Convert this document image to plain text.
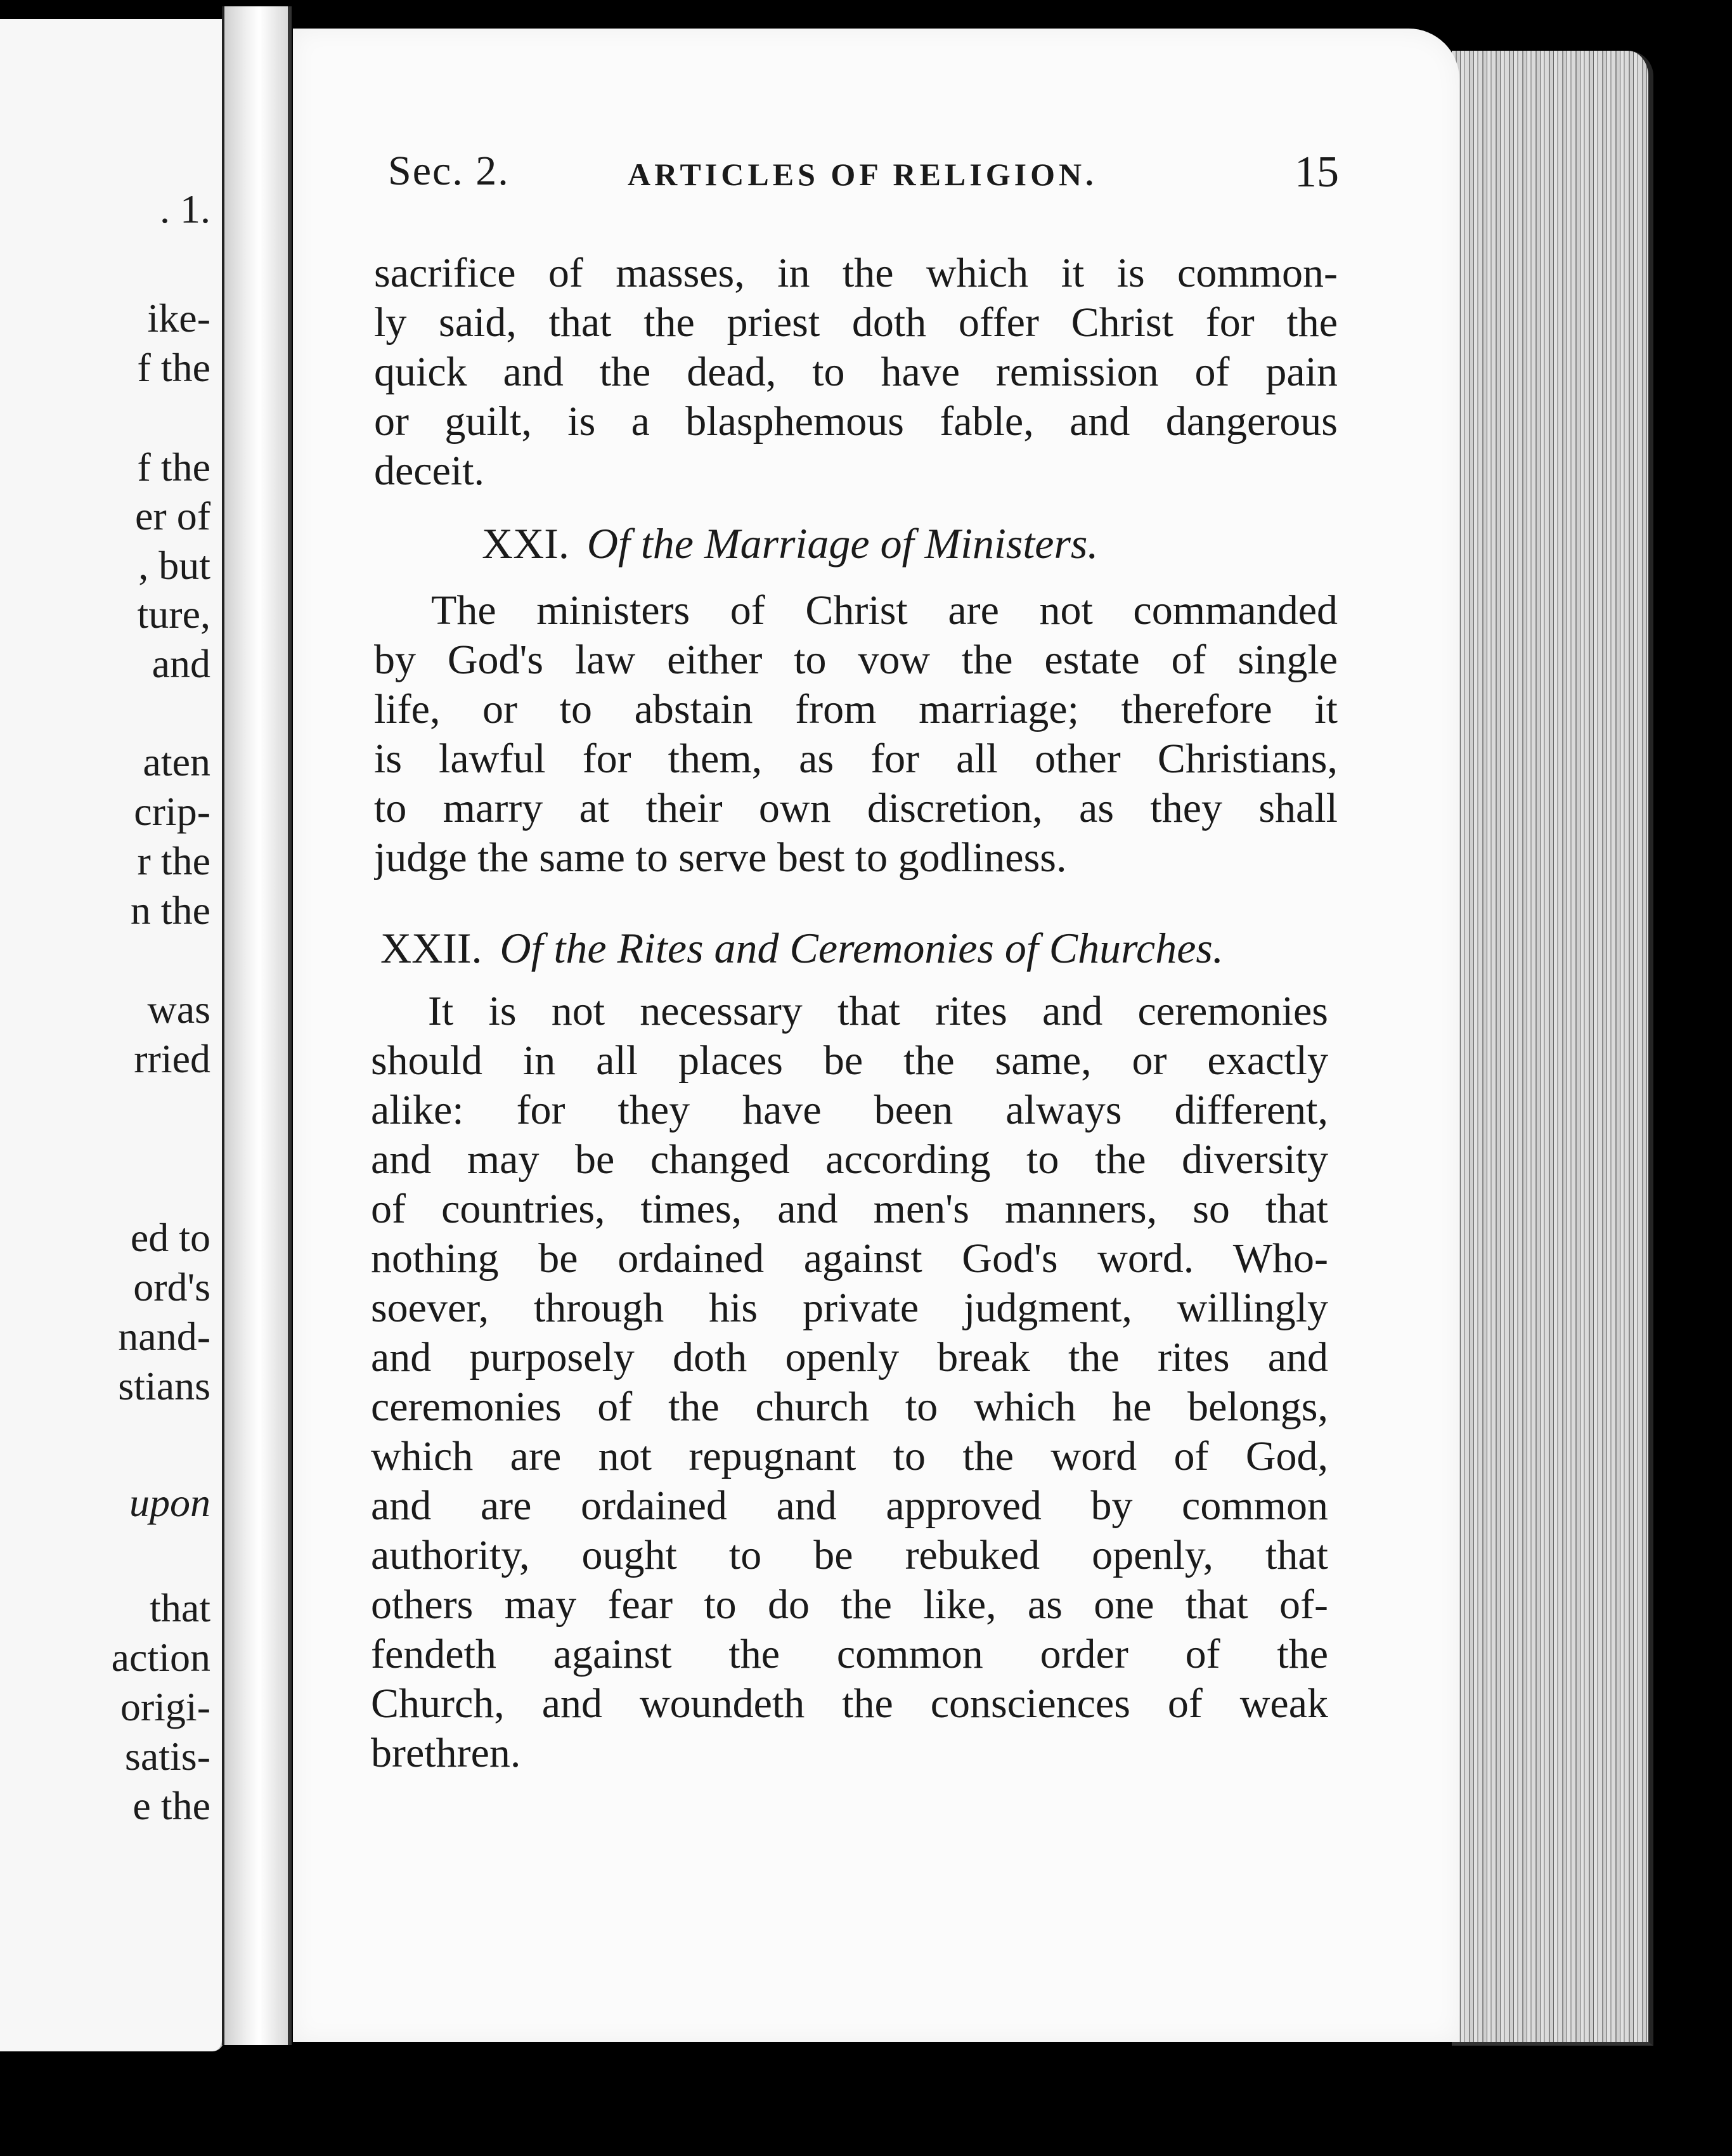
. 1.

ike-

f the

f the

er of

, but

ture,

and

aten

crip-

r the

n the

was

rried

ed to

ord's

nand-

stians

upon

that

action

origi-

satis-

e the

Sec. 2.	ARTICLES OF RELIGION.	15
sacrifice of masses, in the which it is common-
ly said, that the priest doth offer Christ for the
quick and the dead, to have remission of pain
or guilt, is a blasphemous fable, and dangerous
deceit.
XXI. Of the Marriage of Ministers.
The ministers of Christ are not commanded
by God's law either to vow the estate of single
life, or to abstain from marriage; therefore it
is lawful for them, as for all other Christians,
to marry at their own discretion, as they shall
judge the same to serve best to godliness.
XXII. Of the Rites and Ceremonies of Churches.
It is not necessary that rites and ceremonies
should in all places be the same, or exactly
alike: for they have been always different,
and may be changed according to the diversity
of countries, times, and men's manners, so that
nothing be ordained against God's word. Who-
soever, through his private judgment, willingly
and purposely doth openly break the rites and
ceremonies of the church to which he belongs,
which are not repugnant to the word of God,
and are ordained and approved by common
authority, ought to be rebuked openly, that
others may fear to do the like, as one that of-
fendeth against the common order of the
Church, and woundeth the consciences of weak
brethren.
